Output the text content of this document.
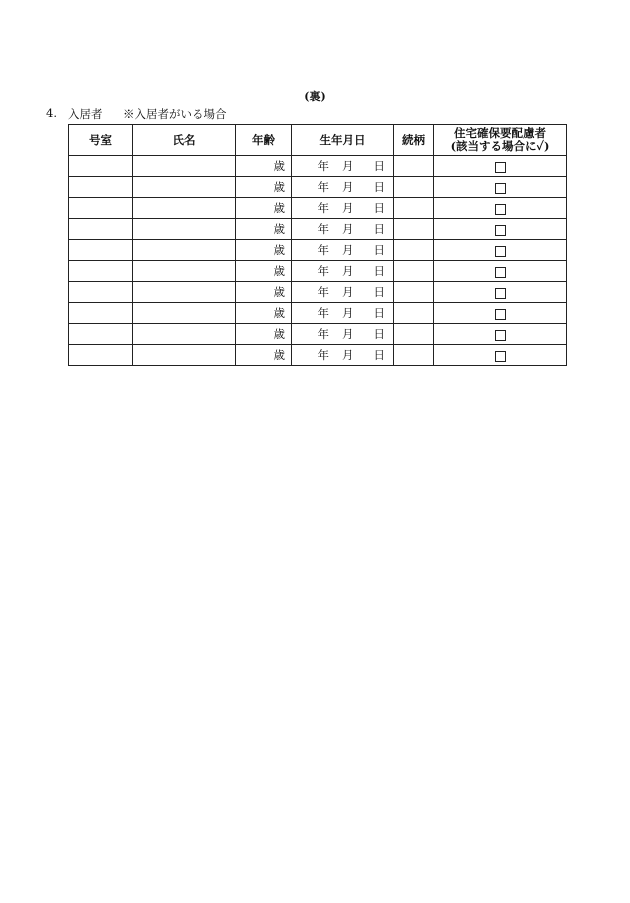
(裏)
4. 入居者	※入居者がいる場合
号室	氏名	年齢	生年月日	続柄	住宅確保要配慮者
(該当する場合に✓)

		歳	年 月 日		
		歳	年 月 日		
		歳	年 月 日		
		歳	年 月 日		
		歳	年 月 日		
		歳	年 月 日		
		歳	年 月 日		
		歳	年 月 日		
		歳	年 月 日		
		歳	年 月 日		
